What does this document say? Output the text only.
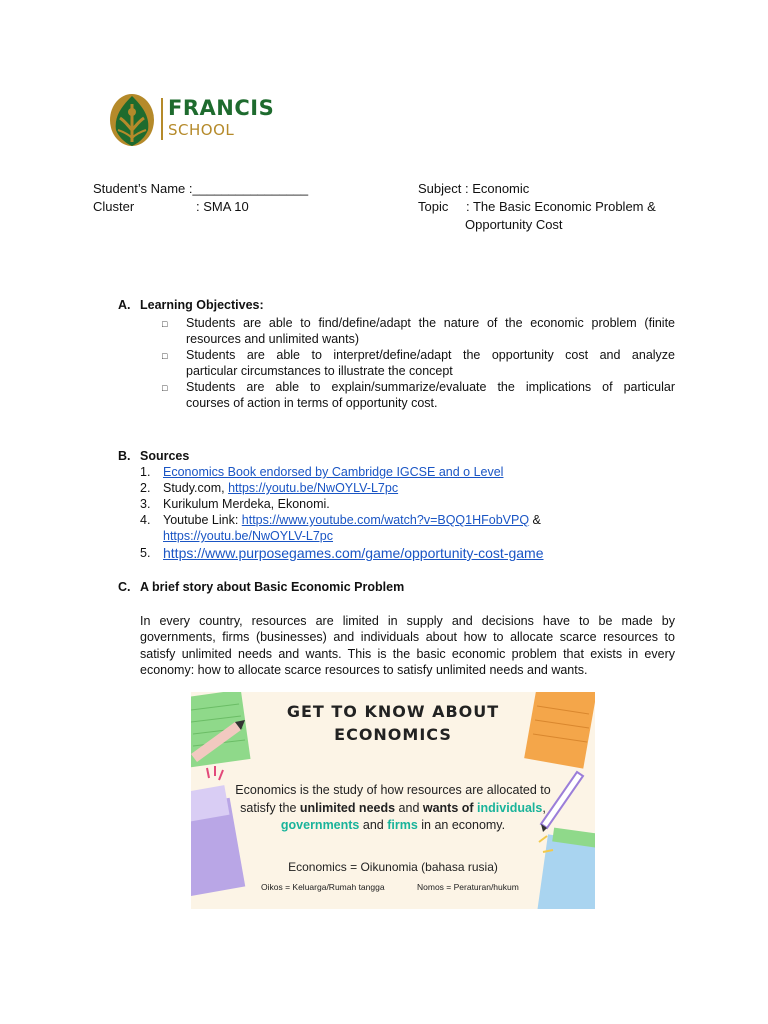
FRANCIS
SCHOOL
Student’s Name :________________
Cluster	: SMA 10
Subject : Economic
Topic : The Basic Economic Problem &
Opportunity Cost
A. Learning Objectives:
□ Students are able to find/define/adapt the nature of the economic problem (finite
resources and unlimited wants)
□ Students are able to interpret/define/adapt the opportunity cost and analyze
particular circumstances to illustrate the concept
□ Students are able to explain/summarize/evaluate the implications of particular
courses of action in terms of opportunity cost.
B. Sources
1. Economics Book endorsed by Cambridge IGCSE and o Level
2. Study.com, https://youtu.be/NwOYLV-L7pc
3. Kurikulum Merdeka, Ekonomi.
4. Youtube Link: https://www.youtube.com/watch?v=BQQ1HFobVPQ &
https://youtu.be/NwOYLV-L7pc
5. https://www.purposegames.com/game/opportunity-cost-game
C. A brief story about Basic Economic Problem
In every country, resources are limited in supply and decisions have to be made by
governments, firms (businesses) and individuals about how to allocate scarce resources to
satisfy unlimited needs and wants. This is the basic economic problem that exists in every
economy: how to allocate scarce resources to satisfy unlimited needs and wants.
GET TO KNOW ABOUT
ECONOMICS
Economics is the study of how resources are allocated to
satisfy the unlimited needs and wants of individuals,
governments and firms in an economy.
Economics = Oikunomia (bahasa rusia)
Oikos = Keluarga/Rumah tangga	Nomos = Peraturan/hukum
